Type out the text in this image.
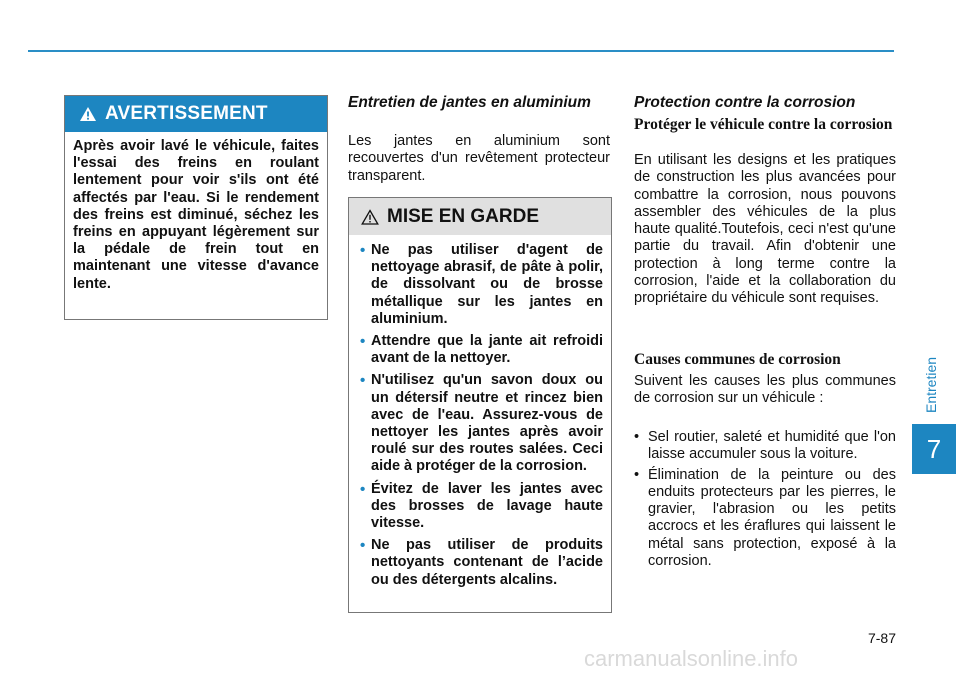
Entretien
7
AVERTISSEMENT
Après avoir lavé le véhicule, faites l'essai des freins en roulant lentement pour voir s'ils ont été affectés par l'eau. Si le rendement des freins est diminué, séchez les freins en appuyant légèrement sur la pédale de frein tout en maintenant une vitesse d'avance lente.
Entretien de jantes en aluminium
Les jantes en aluminium sont recouvertes d'un revêtement protecteur transparent.
MISE EN GARDE
• Ne pas utiliser d'agent de nettoyage abrasif, de pâte à polir, de dissolvant ou de brosse métallique sur les jantes en aluminium.
• Attendre que la jante ait refroidi avant de la nettoyer.
• N'utilisez qu'un savon doux ou un détersif neutre et rincez bien avec de l'eau. Assurez-vous de nettoyer les jantes après avoir roulé sur des routes salées. Ceci aide à protéger de la corrosion.
• Évitez de laver les jantes avec des brosses de lavage haute vitesse.
• Ne pas utiliser de produits nettoyants contenant de l’acide ou des détergents alcalins.
Protection contre la corrosion
Protéger le véhicule contre la corrosion
En utilisant les designs et les pratiques de construction les plus avancées pour combattre la corrosion, nous pouvons assembler des véhicules de la plus haute qualité.Toutefois, ceci n'est qu'une partie du travail. Afin d'obtenir une protection à long terme contre la corrosion, l'aide et la collaboration du propriétaire du véhicule sont requises.
Causes communes de corrosion
Suivent les causes les plus communes de corrosion sur un véhicule :
• Sel routier, saleté et humidité que l'on laisse accumuler sous la voiture.
• Élimination de la peinture ou des enduits protecteurs par les pierres, le gravier, l'abrasion ou les petits accrocs et les éraflures qui laissent le métal sans protection, exposé à la corrosion.
7-87
carmanualsonline.info
